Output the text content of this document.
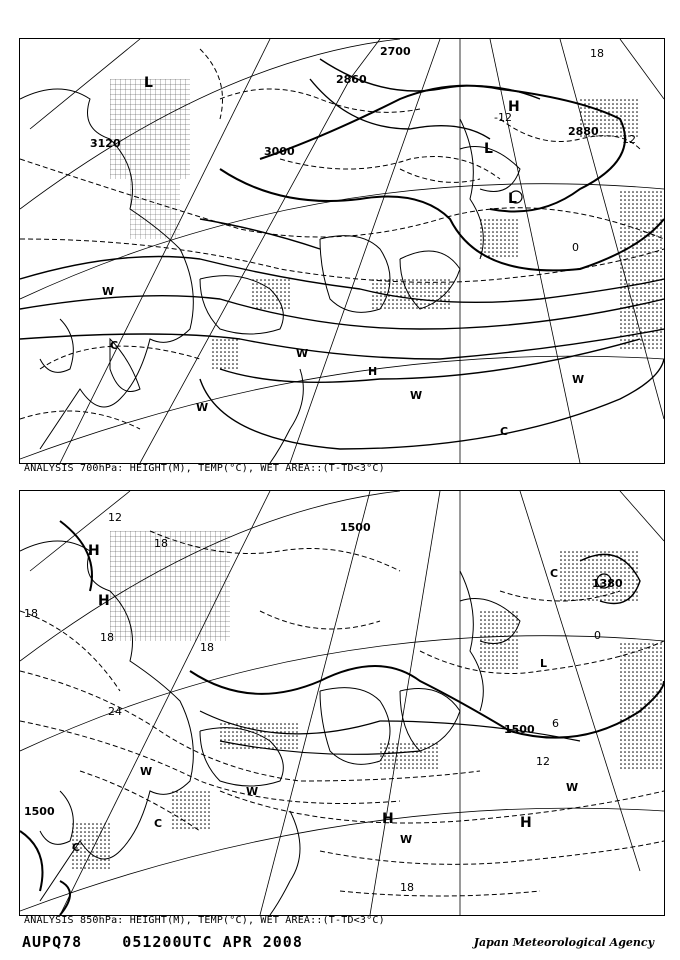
2700
2880
3000
3120
2860
18
12
0
-12
L
L
L
H
H
W
W
W
W
W
C
C
ANALYSIS 700hPa: HEIGHT(M), TEMP(°C), WET AREA::(T-TD<3°C)
1500
1500
1380
1500
18
18
18
18
12
24
12
18
6
0
H
H
H	H
W
W
W
W
C
C
C
L
ANALYSIS 850hPa: HEIGHT(M), TEMP(°C), WET AREA::(T-TD<3°C)
AUPQ78    051200UTC APR 2008	Japan Meteorological Agency
